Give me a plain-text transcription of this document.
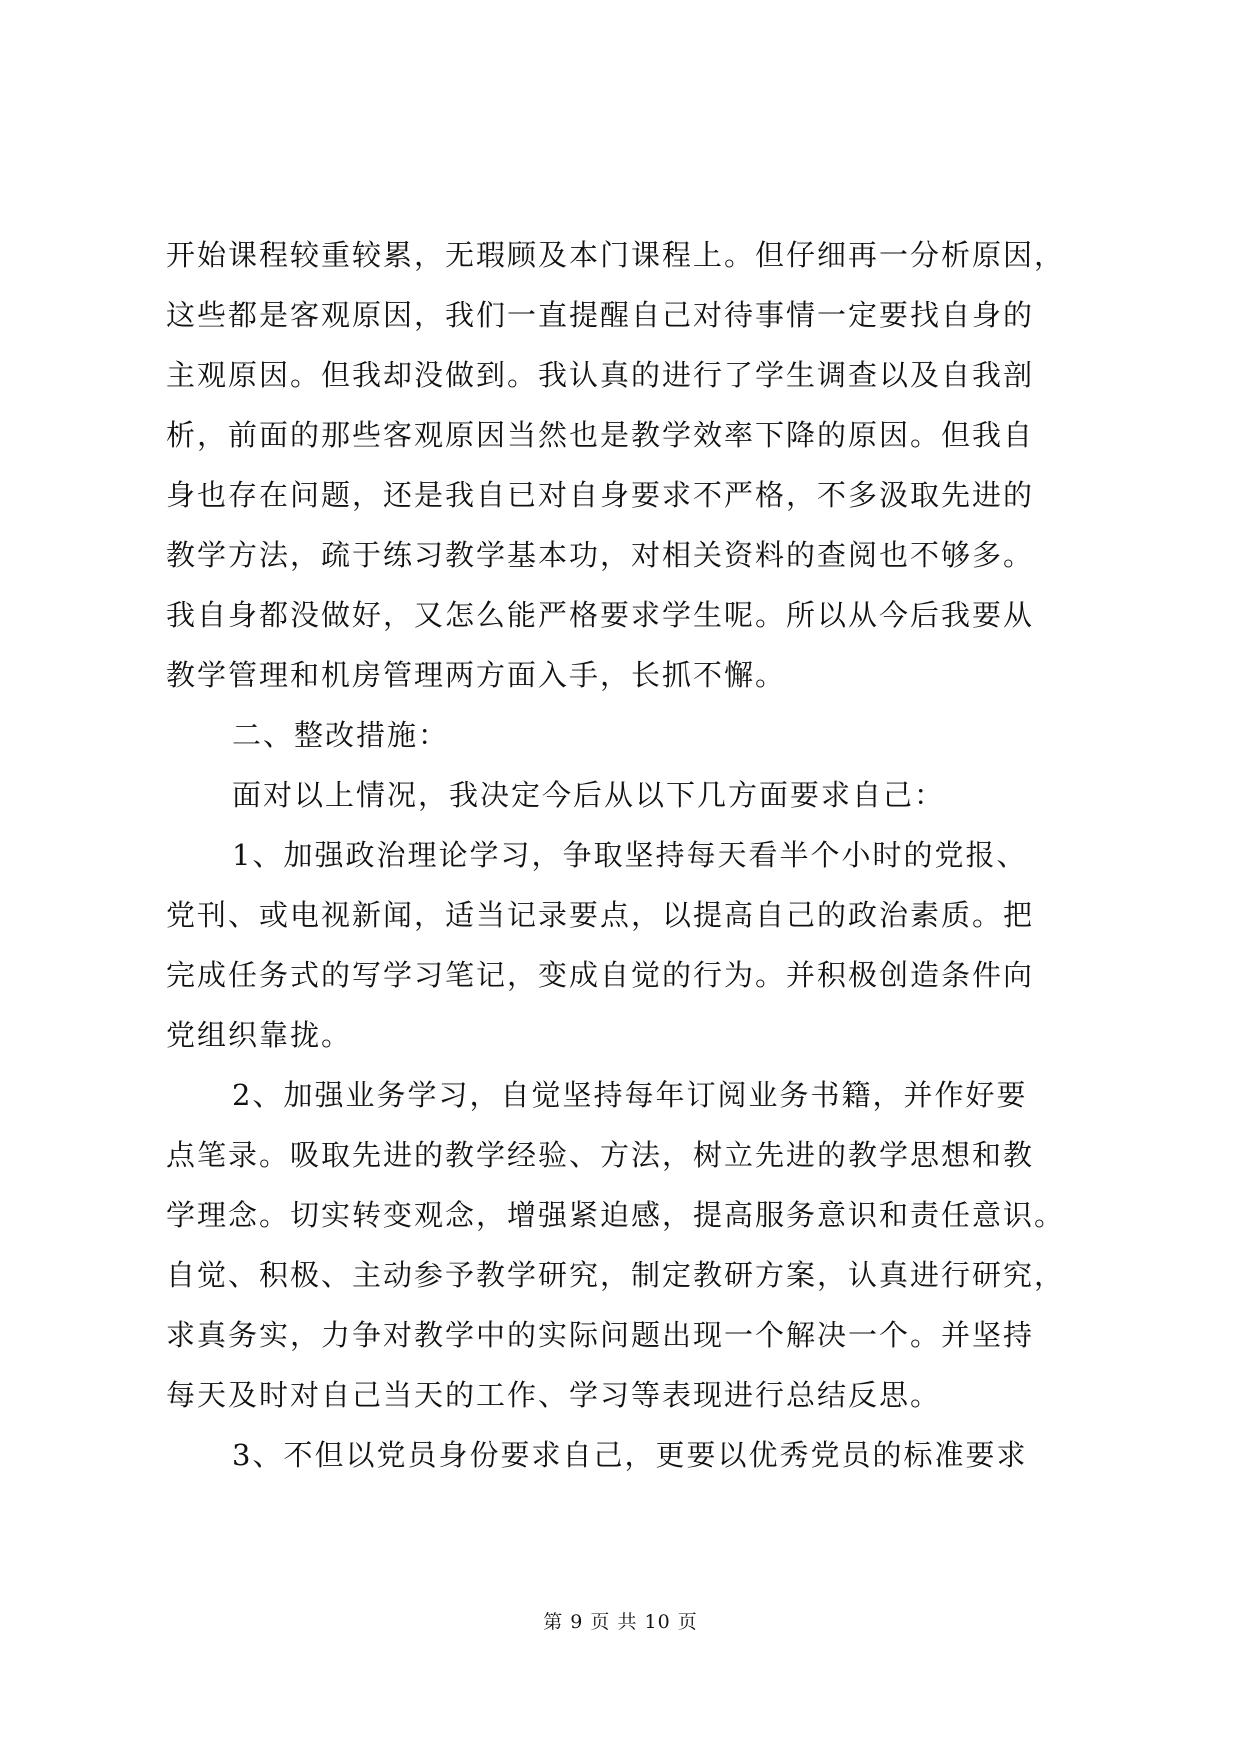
开始课程较重较累，无瑕顾及本门课程上。但仔细再一分析原因，
这些都是客观原因，我们一直提醒自己对待事情一定要找自身的
主观原因。但我却没做到。我认真的进行了学生调查以及自我剖
析，前面的那些客观原因当然也是教学效率下降的原因。但我自
身也存在问题，还是我自已对自身要求不严格，不多汲取先进的
教学方法，疏于练习教学基本功，对相关资料的查阅也不够多。
我自身都没做好，又怎么能严格要求学生呢。所以从今后我要从
教学管理和机房管理两方面入手，长抓不懈。
二、整改措施：
面对以上情况，我决定今后从以下几方面要求自己：
1、加强政治理论学习，争取坚持每天看半个小时的党报、
党刊、或电视新闻，适当记录要点，以提高自己的政治素质。把
完成任务式的写学习笔记，变成自觉的行为。并积极创造条件向
党组织靠拢。
2、加强业务学习，自觉坚持每年订阅业务书籍，并作好要
点笔录。吸取先进的教学经验、方法，树立先进的教学思想和教
学理念。切实转变观念，增强紧迫感，提高服务意识和责任意识。
自觉、积极、主动参予教学研究，制定教研方案，认真进行研究，
求真务实，力争对教学中的实际问题出现一个解决一个。并坚持
每天及时对自己当天的工作、学习等表现进行总结反思。
3、不但以党员身份要求自己，更要以优秀党员的标准要求
第 9 页 共 10 页
